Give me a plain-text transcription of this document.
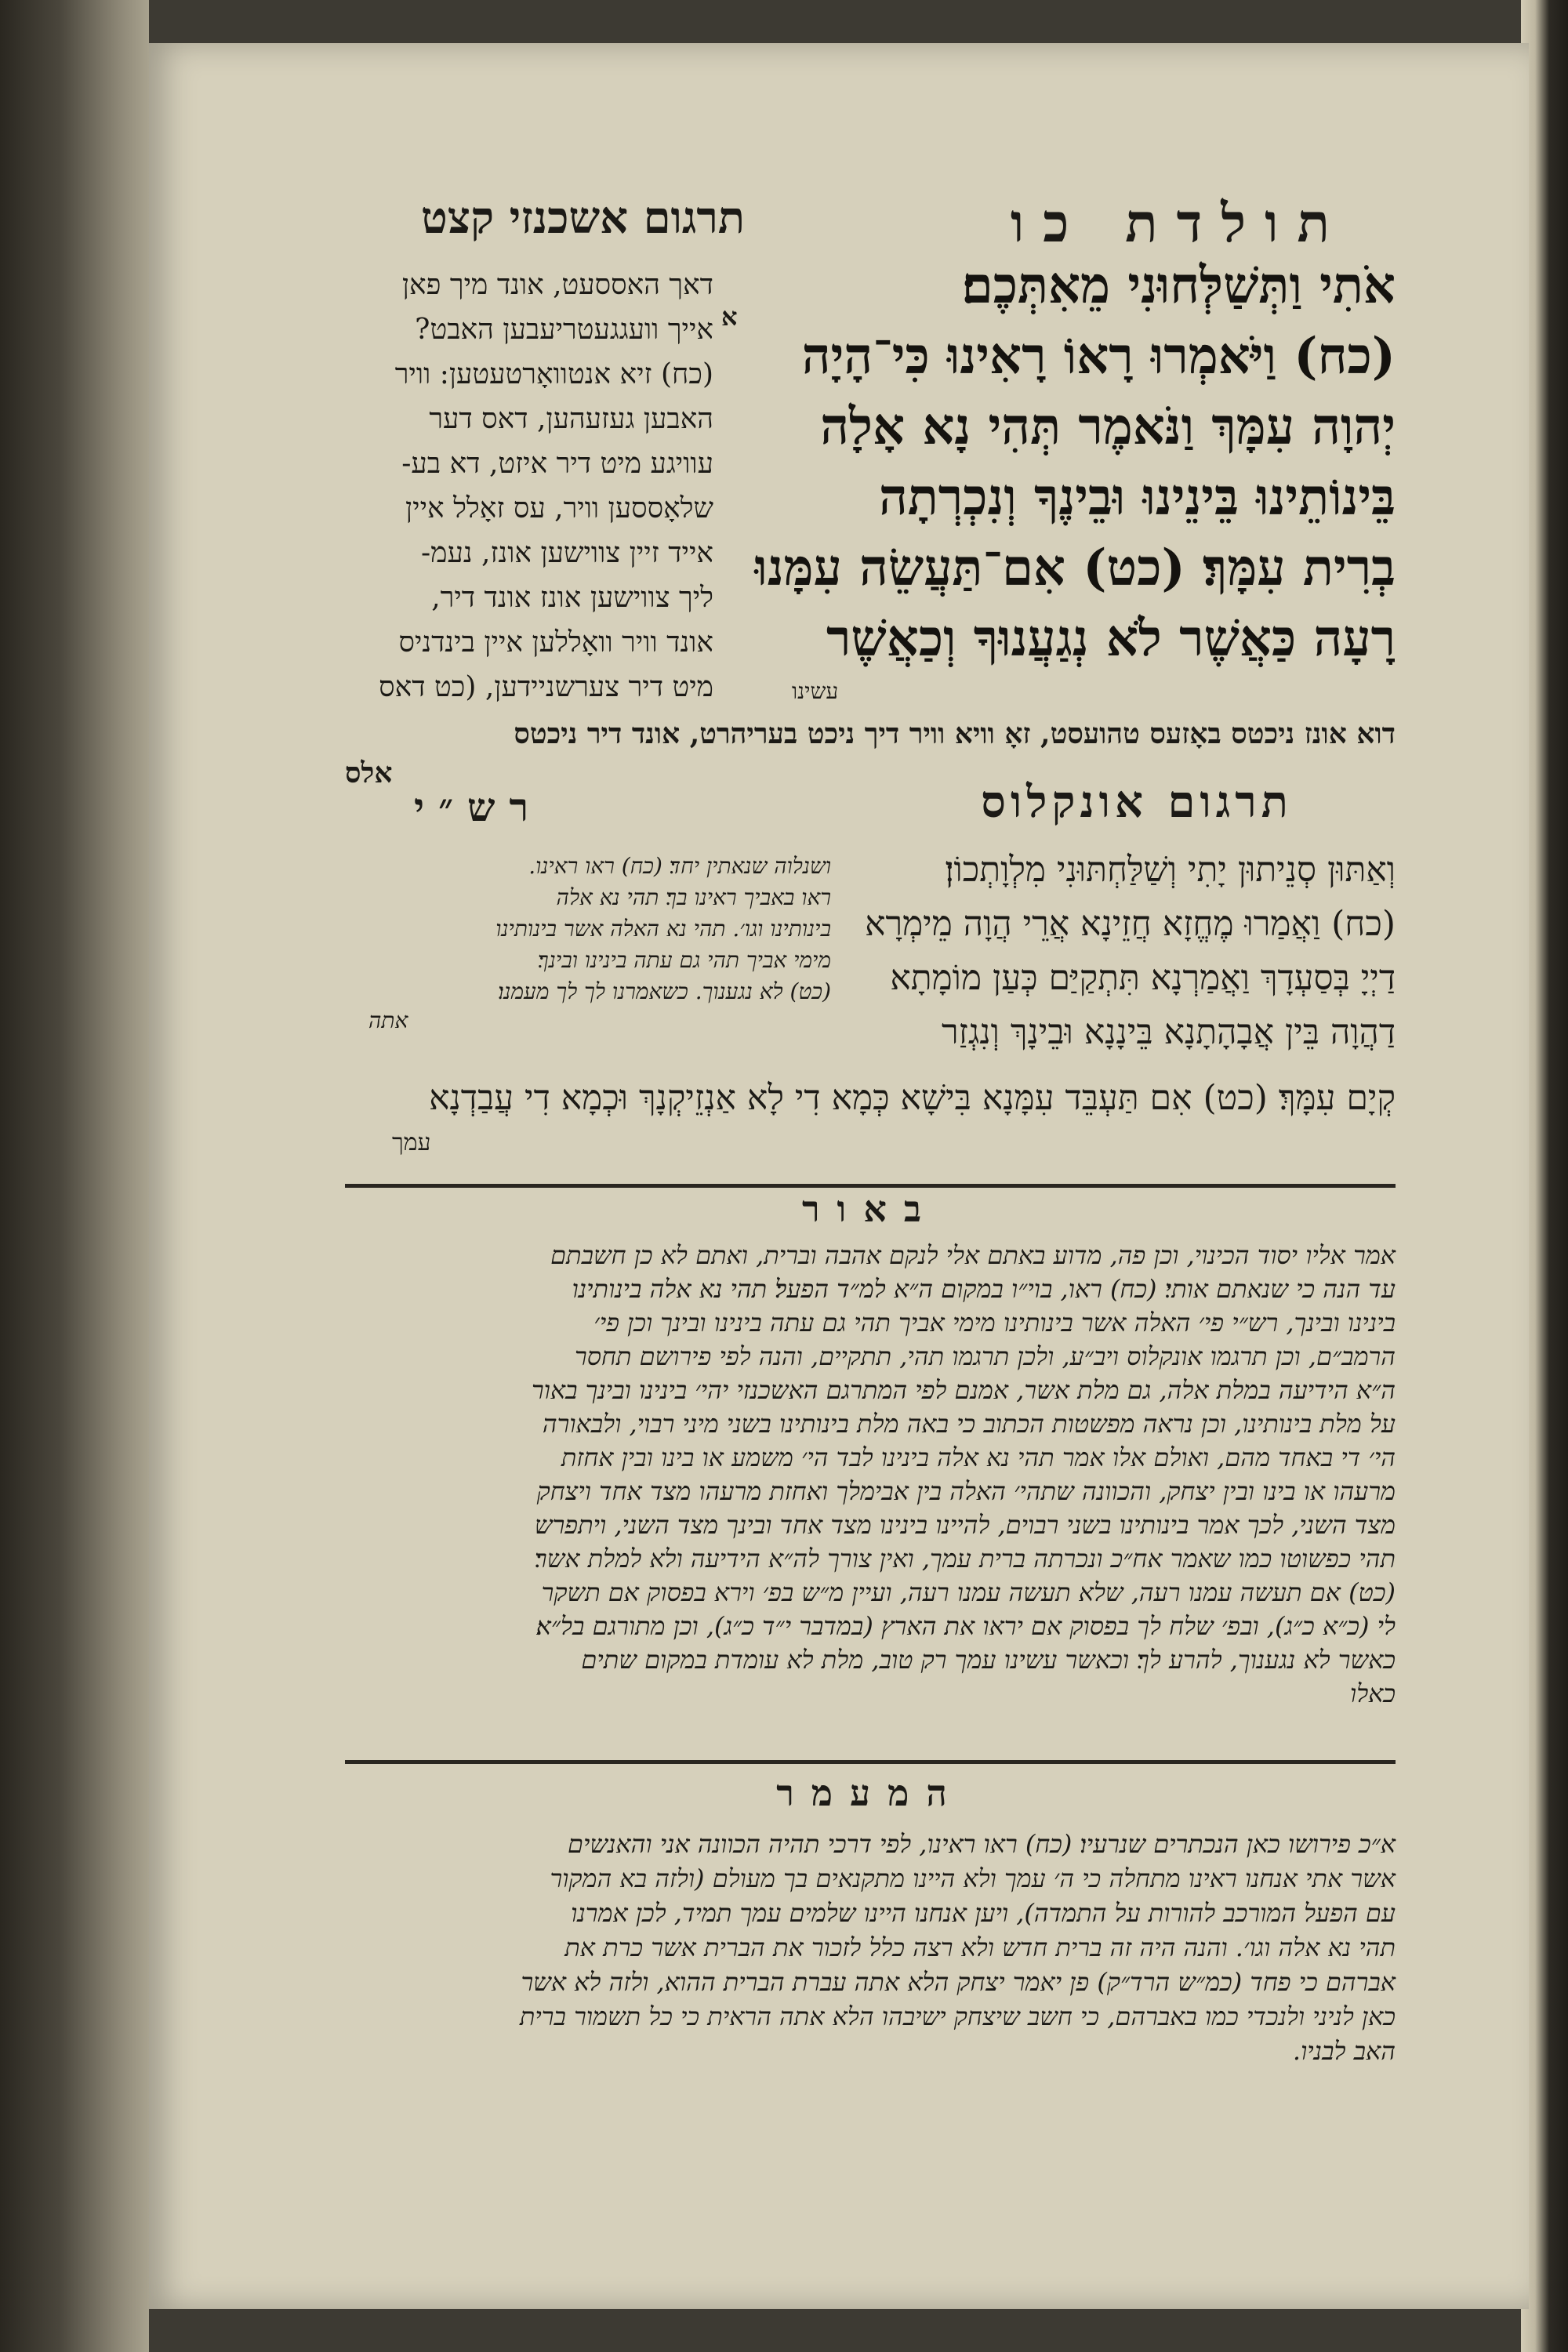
תרגום אשכנזי קצט	תולדת כו

אֹתִי וַתְּשַׁלְּחוּנִי מֵאִתְּכֶם׃

(כח) וַיֹּאמְרוּ רָאוֹ רָאִינוּ כִּי־הָיָה

יְהוָה עִמָּךְ וַנֹּאמֶר תְּהִי נָא אָלָה

בֵּינוֹתֵינוּ בֵּינֵינוּ וּבֵינֶךָ וְנִכְרְתָה

בְרִית עִמָּךְ׃ (כט) אִם־תַּעֲשֵׂה עִמָּנוּ

רָעָה כַּאֲשֶׁר לֹא נְגַעֲנוּךָ וְכַאֲשֶׁר

עשינו
א

דאך האססעט, אונד מיך פאן

אייך וועגגעטריעבען האבט?

(כח) זיא אנטוואָרטעטען: וויר

האבען געזעהען, דאס דער

עוויגע מיט דיר איזט, דא בע-

שלאָססען וויר, עס זאָלל איין

אייד זיין צווישען אונז, נעמ-

ליך צווישען אונז אונד דיר,

אונד וויר וואָללען איין בינדניס

מיט דיר צערשניידען, (כט דאס

דוא אונז ניכטס באָזעס טהועסט, זאָ וויא וויר דיך ניכט בעריהרט, אונד דיר ניכטס
אלס
רש״י	תרגום אונקלוס

ושנלוה שנאתין יחד׃ (כח) ראו ראינו.

ראו באביך ראינו בך׃ תהי נא אלה

בינותינו וגו׳. תהי נא האלה אשר בינותינו

מימי אביך תהי גם עתה בינינו ובינך׃

(כט) לא נגענוך. כשאמרנו לך לך מעמנו׃

אתה

וְאַתּוּן סְנֵיתוּן יָתִי וְשַׁלַּחְתּוּנִי מִלְוָתְכוֹן׃

(כח) וַאֲמַרוּ מֶחֱזָא חֲזֵינָא אֲרֵי הֲוָה מֵימְרָא

דַיְיָ בְּסַעְדָךְ וַאֲמַרְנָא תִּתְקַיַּם כְּעַן מוֹמָתָא

דַהֲוָה בֵּין אֲבָהָתָנָא בֵּינָנָא וּבֵינָךְ וְנִגְזַר

קְיָם עִמָּךְ׃ (כט) אִם תַּעְבֵּד עִמָּנָא בִּישָׁא כְּמָא דִי לָא אַנְזֵיקְנָךְ וּכְמָא דִי עֲבַדְנָא
עמך
באור

אמר אליו יסוד הכינוי, וכן פה, מדוע באתם אלי לנקם אהבה וברית, ואתם לא כן חשבתם

עד הנה כי שנאתם אותי׃ (כח) ראו, בוי״ו במקום ה״א למ״ד הפעל׃ תהי נא אלה בינותינו

בינינו ובינך, רש״י פי׳ האלה אשר בינותינו מימי אביך תהי גם עתה בינינו ובינך וכן פי׳

הרמב״ם, וכן תרגמו אונקלוס ויב״ע, ולכן תרגמו תהי, תתקיים, והנה לפי פירושם תחסר

ה״א הידיעה במלת אלה, גם מלת אשר, אמנם לפי המתרגם האשכנזי יהי׳ בינינו ובינך באור

על מלת בינותינו, וכן נראה מפשטות הכתוב כי באה מלת בינותינו בשני מיני רבוי, ולבאורה

הי׳ די באחד מהם, ואולם אלו אמר תהי נא אלה בינינו לבד הי׳ משמע או בינו ובין אחזת

מרעהו או בינו ובין יצחק, והכוונה שתהי׳ האלה בין אבימלך ואחזת מרעהו מצד אחד ויצחק

מצד השני, לכך אמר בינותינו בשני רבוים, להיינו בינינו מצד אחד ובינך מצד השני, ויתפרש

תהי כפשוטו כמו שאמר אח״כ ונכרתה ברית עמך, ואין צורך לה״א הידיעה ולא למלת אשר׃

(כט) אם תעשה עמנו רעה, שלא תעשה עמנו רעה, ועיין מ״ש בפ׳ וירא בפסוק אם תשקר

לי (כ״א כ״ג), ובפ׳ שלח לך בפסוק אם יראו את הארץ (במדבר י״ד כ״ג), וכן מתורגם בל״א׃

כאשר לא נגענוך, להרע לך׃ וכאשר עשינו עמך רק טוב, מלת לא עומדת במקום שתים

כאלו

המעמר

א״כ פירושו כאן הנכתרים שנרעיו׃ (כח) ראו ראינו, לפי דרכי תהיה הכוונה אני והאנשים

אשר אתי אנחנו ראינו מתחלה כי ה׳ עמך ולא היינו מתקנאים בך מעולם (ולזה בא המקור

עם הפעל המורכב להורות על התמדה), ויען אנחנו היינו שלמים עמך תמיד, לכן אמרנו

תהי נא אלה וגו׳. והנה היה זה ברית חדש ולא רצה כלל לזכור את הברית אשר כרת את

אברהם כי פחד (כמ״ש הרד״ק) פן יאמר יצחק הלא אתה עברת הברית ההוא, ולזה לא אשר

כאן לניני ולנכדי כמו באברהם, כי חשב שיצחק ישיבהו הלא אתה הראית כי כל תשמור ברית

האב לבניו.
